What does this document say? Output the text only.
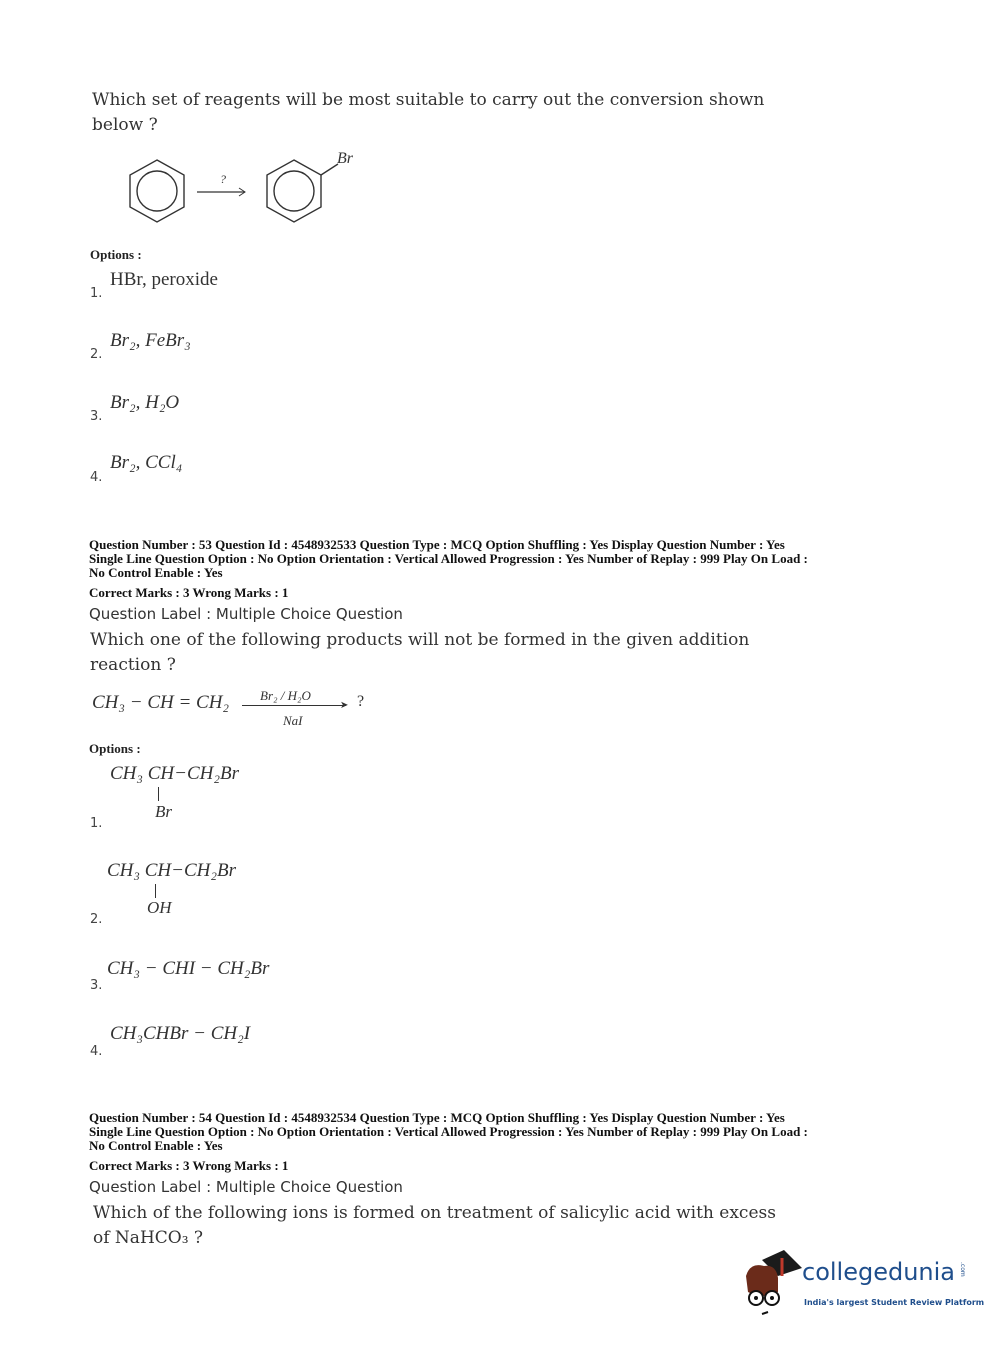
Which set of reagents will be most suitable to carry out the conversion shown
below ?
?
Br
Options :
1.
HBr, peroxide
2.
Br₂, FeBr₃
3.
Br₂, H₂O
4.
Br₂, CCl₄
Question Number : 53 Question Id : 4548932533 Question Type : MCQ Option Shuffling : Yes Display Question Number : Yes
Single Line Question Option : No Option Orientation : Vertical Allowed Progression : Yes Number of Replay : 999 Play On Load :
No Control Enable : Yes
Correct Marks : 3 Wrong Marks : 1
Question Label : Multiple Choice Question
Which one of the following products will not be formed in the given addition
reaction ?
CH₃ − CH = CH₂ Br₂ / H₂O
➤
NaI
?
Options :
1.
CH₃ CH−CH₂Br
Br
2.
CH₃ CH−CH₂Br
OH
3.
CH₃ − CHI − CH₂Br
4.
CH₃CHBr − CH₂I
Question Number : 54 Question Id : 4548932534 Question Type : MCQ Option Shuffling : Yes Display Question Number : Yes
Single Line Question Option : No Option Orientation : Vertical Allowed Progression : Yes Number of Replay : 999 Play On Load :
No Control Enable : Yes
Correct Marks : 3 Wrong Marks : 1
Question Label : Multiple Choice Question
Which of the following ions is formed on treatment of salicylic acid with excess
of NaHCO₃ ?
collegedunia .com
India's largest Student Review Platform
